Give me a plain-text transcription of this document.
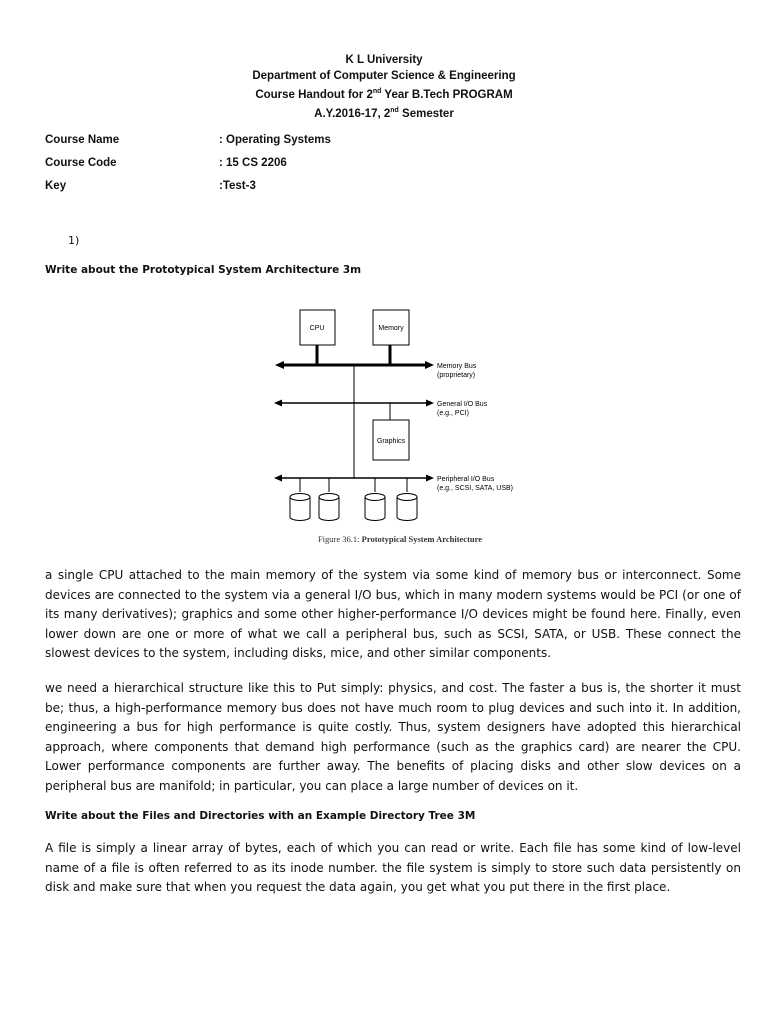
K L University
Department of Computer Science & Engineering
Course Handout for 2nd Year B.Tech PROGRAM
A.Y.2016-17, 2nd Semester
Course Name	: Operating Systems
Course Code	: 15 CS 2206
Key	:Test-3
1)
Write about the Prototypical System Architecture 3m
CPU	Memory
Graphics
Memory Bus
(proprietary)
General I/O Bus
(e.g., PCI)
Peripheral I/O Bus
(e.g., SCSI, SATA, USB)
Figure 36.1: Prototypical System Architecture
a single CPU attached to the main memory of the system via some kind of memory bus or interconnect. Some devices are connected to the system via a general I/O bus, which in many modern systems would be PCI (or one of its many derivatives); graphics and some other higher-performance I/O devices might be found here. Finally, even lower down are one or more of what we call a peripheral bus, such as SCSI, SATA, or USB. These connect the slowest devices to the system, including disks, mice, and other similar components.
we need a hierarchical structure like this to Put simply: physics, and cost. The faster a bus is, the shorter it must be; thus, a high-performance memory bus does not have much room to plug devices and such into it. In addition, engineering a bus for high performance is quite costly. Thus, system designers have adopted this hierarchical approach, where components that demand high performance (such as the graphics card) are nearer the CPU. Lower performance components are further away. The benefits of placing disks and other slow devices on a peripheral bus are manifold; in particular, you can place a large number of devices on it.
Write about the Files and Directories with an Example Directory Tree 3M
A file is simply a linear array of bytes, each of which you can read or write. Each file has some kind of low-level name of a file is often referred to as its inode number. the file system is simply to store such data persistently on disk and make sure that when you request the data again, you get what you put there in the first place.
